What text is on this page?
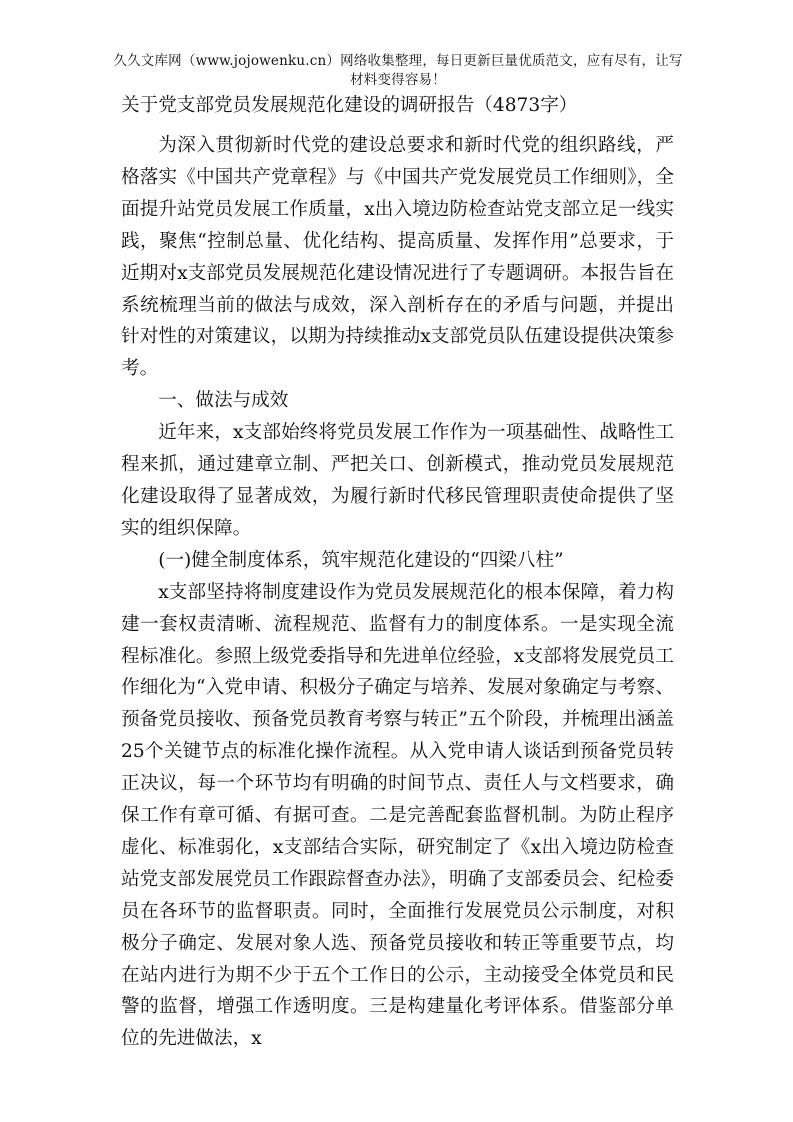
久久文库网（www.jojowenku.cn）网络收集整理，每日更新巨量优质范文，应有尽有，让写材料变得容易！
关于党支部党员发展规范化建设的调研报告（4873字）

为深入贯彻新时代党的建设总要求和新时代党的组织路线，严格落实《中国共产党章程》与《中国共产党发展党员工作细则》，全面提升站党员发展工作质量，x出入境边防检查站党支部立足一线实践，聚焦“控制总量、优化结构、提高质量、发挥作用”总要求，于近期对x支部党员发展规范化建设情况进行了专题调研。本报告旨在系统梳理当前的做法与成效，深入剖析存在的矛盾与问题，并提出针对性的对策建议，以期为持续推动x支部党员队伍建设提供决策参考。

一、做法与成效

近年来，x支部始终将党员发展工作作为一项基础性、战略性工程来抓，通过建章立制、严把关口、创新模式，推动党员发展规范化建设取得了显著成效，为履行新时代移民管理职责使命提供了坚实的组织保障。

(一)健全制度体系，筑牢规范化建设的“四梁八柱”

x支部坚持将制度建设作为党员发展规范化的根本保障，着力构建一套权责清晰、流程规范、监督有力的制度体系。一是实现全流程标准化。参照上级党委指导和先进单位经验，x支部将发展党员工作细化为“入党申请、积极分子确定与培养、发展对象确定与考察、预备党员接收、预备党员教育考察与转正”五个阶段，并梳理出涵盖25个关键节点的标准化操作流程。从入党申请人谈话到预备党员转正决议，每一个环节均有明确的时间节点、责任人与文档要求，确保工作有章可循、有据可查。二是完善配套监督机制。为防止程序虚化、标准弱化，x支部结合实际，研究制定了《x出入境边防检查站党支部发展党员工作跟踪督查办法》，明确了支部委员会、纪检委员在各环节的监督职责。同时，全面推行发展党员公示制度，对积极分子确定、发展对象人选、预备党员接收和转正等重要节点，均在站内进行为期不少于五个工作日的公示，主动接受全体党员和民警的监督，增强工作透明度。三是构建量化考评体系。借鉴部分单位的先进做法，x
